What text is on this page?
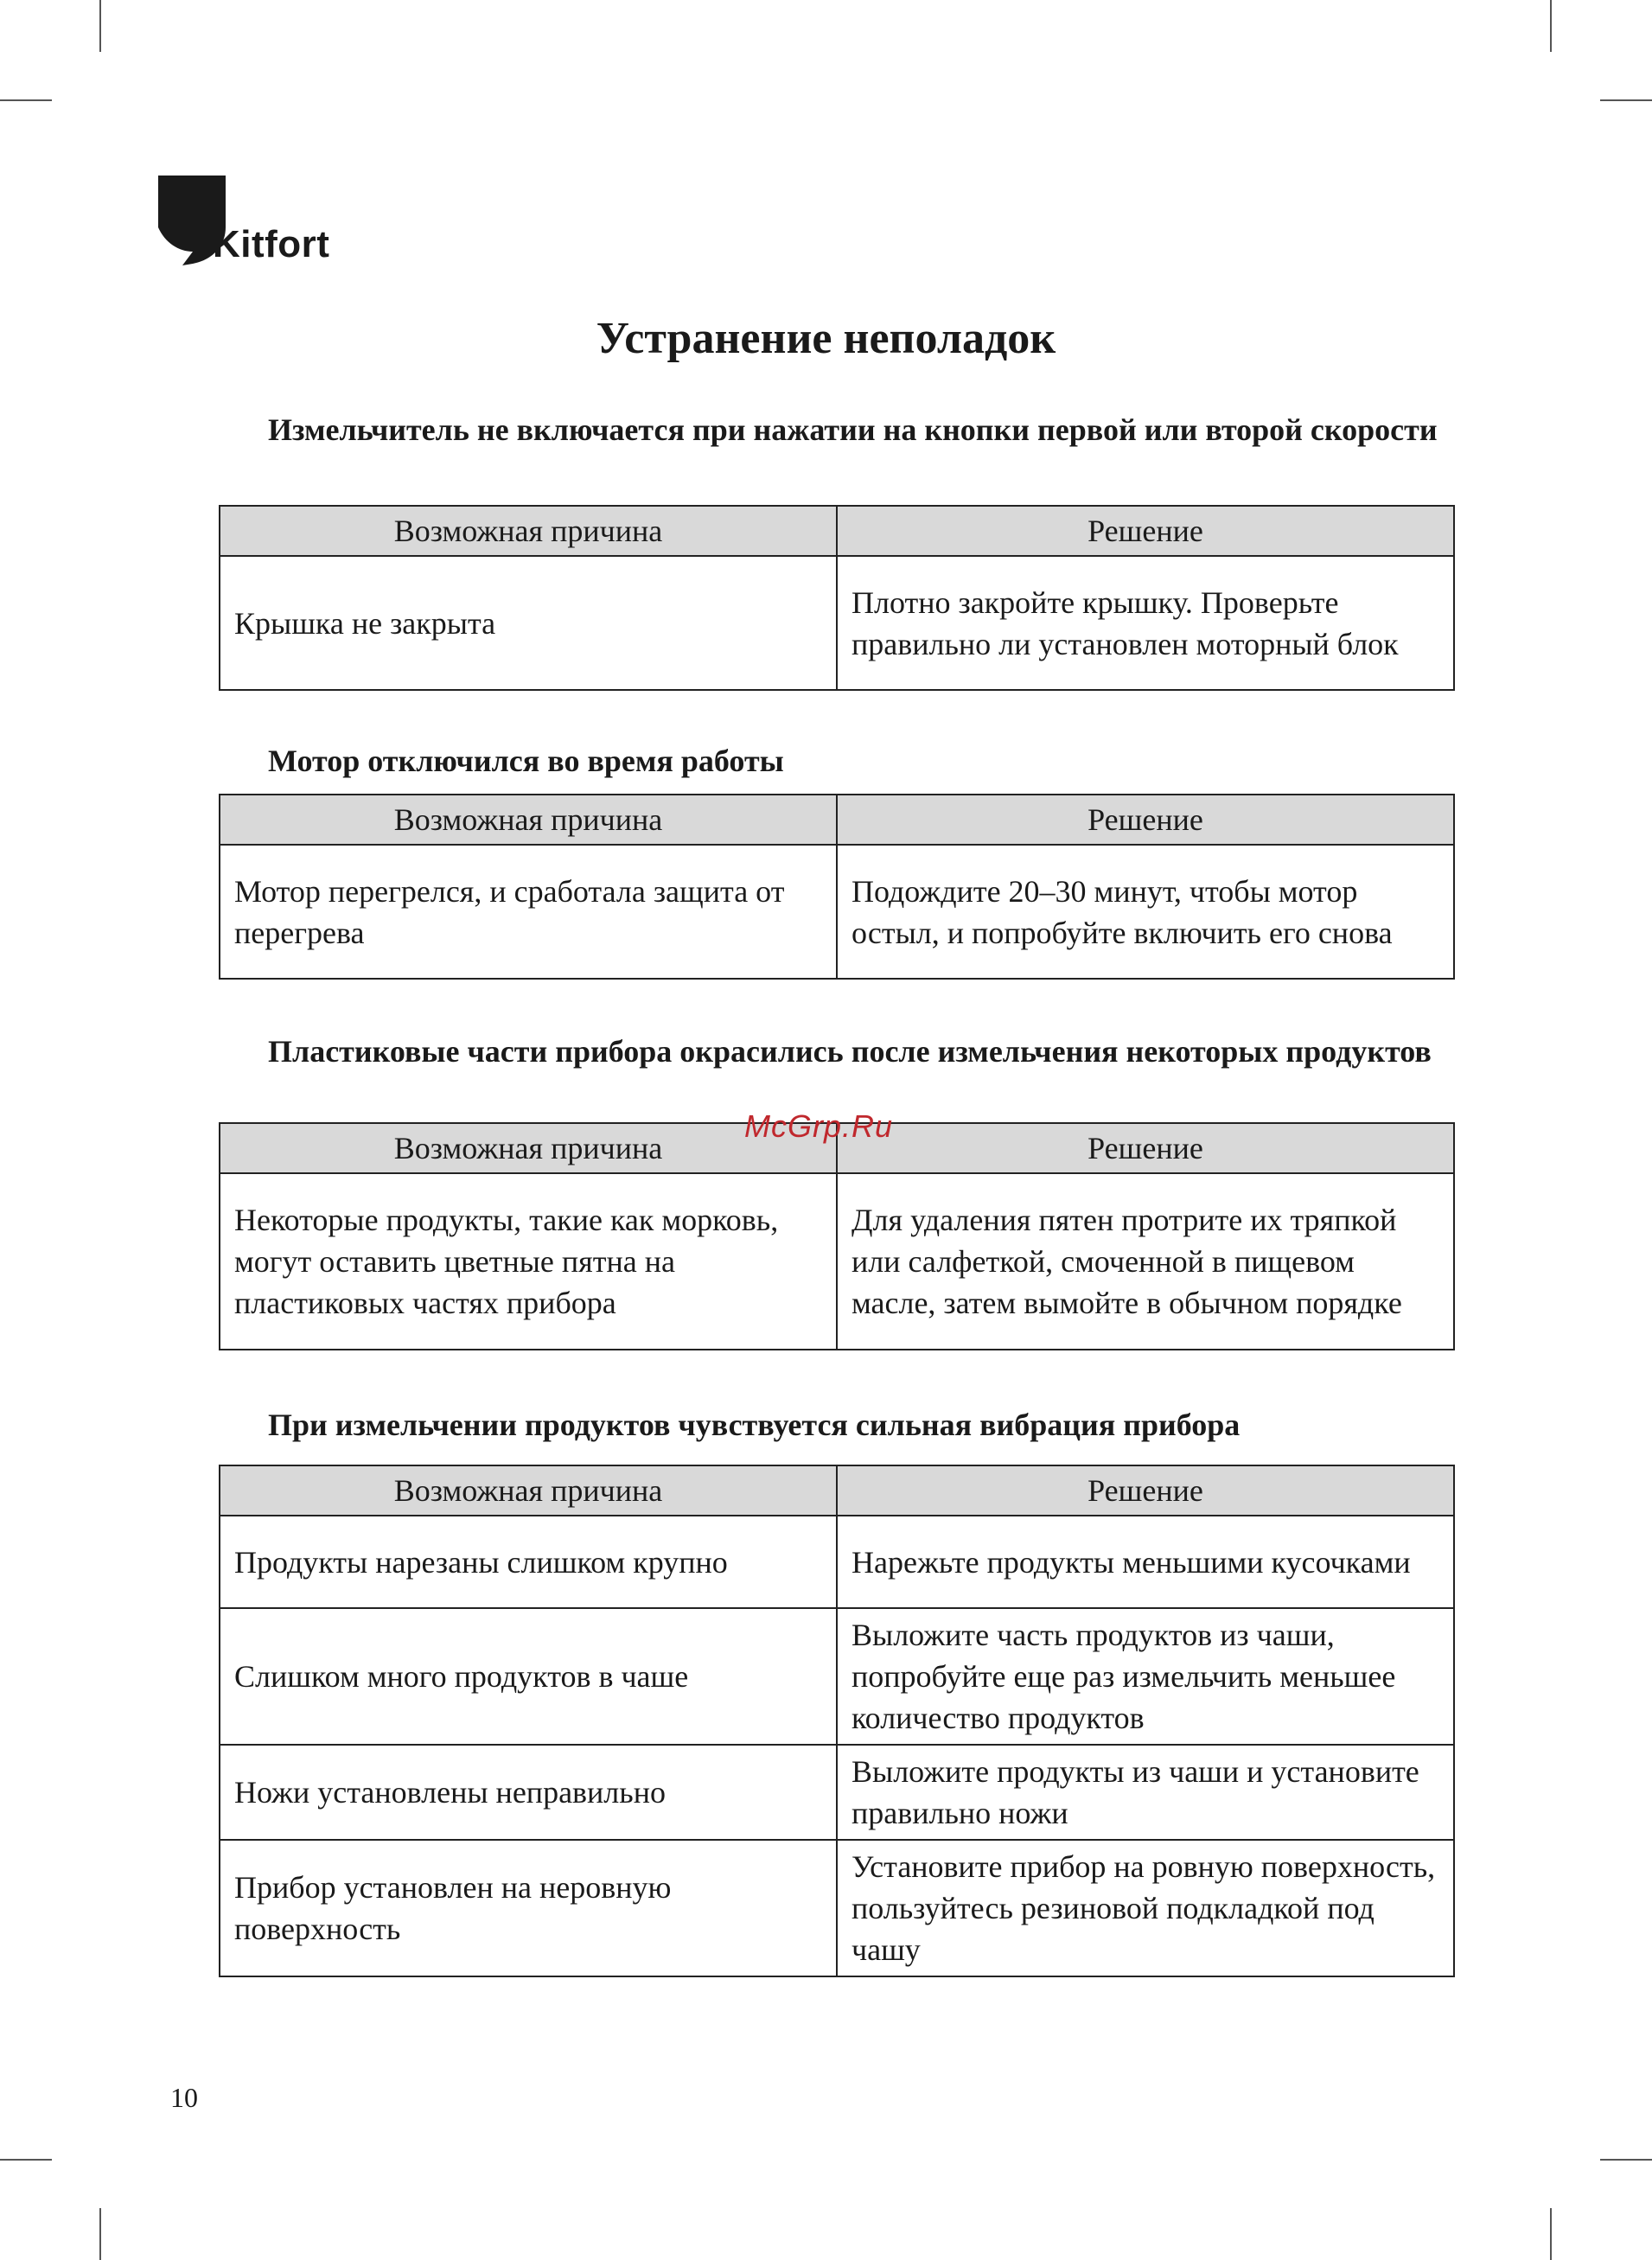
Kitfort
Устранение неполадок
Измельчитель не включается при нажатии на кнопки первой или второй скорости
Возможная причина	Решение
Крышка не закрыта	Плотно закройте крышку. Проверьте правильно ли установлен моторный блок
Мотор отключился во время работы
Возможная причина	Решение
Мотор перегрелся, и сработала защита от перегрева	Подождите 20–30 минут, чтобы мотор остыл, и попробуйте включить его снова
Пластиковые части прибора окрасились после измельчения некоторых продуктов
Возможная причина	Решение
Некоторые продукты, такие как морковь, могут оставить цветные пятна на пластиковых частях прибора	Для удаления пятен протрите их тряпкой или салфеткой, смоченной в пищевом масле, затем вымойте в обычном порядке
McGrp.Ru
При измельчении продуктов чувствуется сильная вибрация прибора
Возможная причина	Решение
Продукты нарезаны слишком крупно	Нарежьте продукты меньшими кусочками
Слишком много продуктов в чаше	Выложите часть продуктов из чаши, попробуйте еще раз измельчить меньшее количество продуктов
Ножи установлены неправильно	Выложите продукты из чаши и установите правильно ножи
Прибор установлен на неровную поверхность	Установите прибор на ровную поверхность, пользуйтесь резиновой подкладкой под чашу
10
